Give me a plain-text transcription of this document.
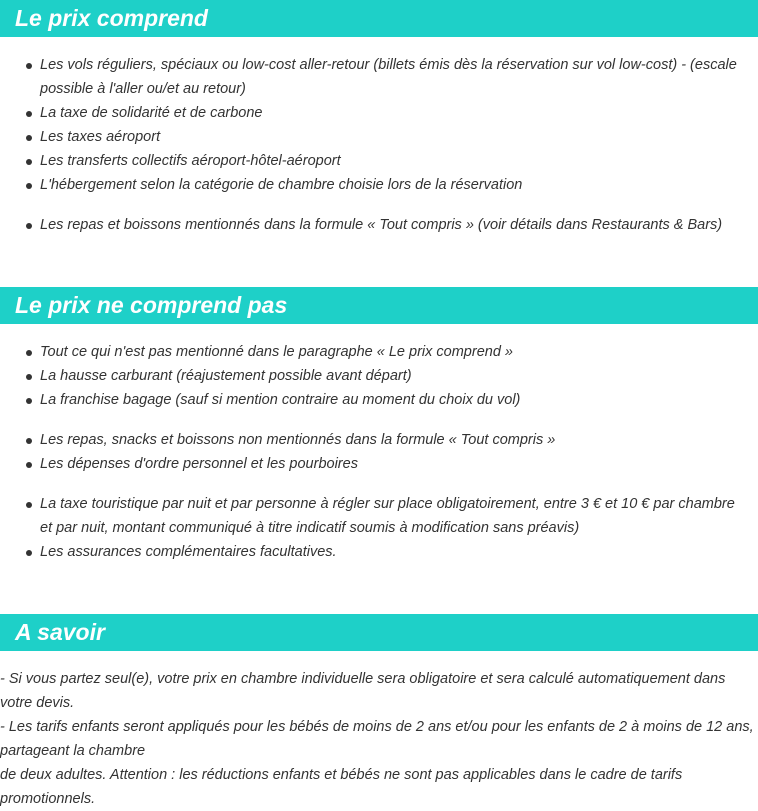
Le prix comprend
Les vols réguliers, spéciaux ou low-cost aller-retour (billets émis dès la réservation sur vol low-cost) - (escale possible à l'aller ou/et au retour)
La taxe de solidarité et de carbone
Les taxes aéroport
Les transferts collectifs aéroport-hôtel-aéroport
L'hébergement selon la catégorie de chambre choisie lors de la réservation
Les repas et boissons mentionnés dans la formule « Tout compris » (voir détails dans Restaurants & Bars)
Le prix ne comprend pas
Tout ce qui n'est pas mentionné dans le paragraphe « Le prix comprend »
La hausse carburant (réajustement possible avant départ)
La franchise bagage (sauf si mention contraire au moment du choix du vol)
Les repas, snacks et boissons non mentionnés dans la formule « Tout compris »
Les dépenses d'ordre personnel et les pourboires
La taxe touristique par nuit et par personne à régler sur place obligatoirement, entre 3 € et 10 € par chambre et par nuit, montant communiqué à titre indicatif soumis à modification sans préavis)
Les assurances complémentaires facultatives.
A savoir

- Si vous partez seul(e), votre prix en chambre individuelle sera obligatoire et sera calculé automatiquement dans votre devis.

- Les tarifs enfants seront appliqués pour les bébés de moins de 2 ans et/ou pour les enfants de 2 à moins de 12 ans, partageant la chambre

de deux adultes. Attention : les réductions enfants et bébés ne sont pas applicables dans le cadre de tarifs promotionnels.
